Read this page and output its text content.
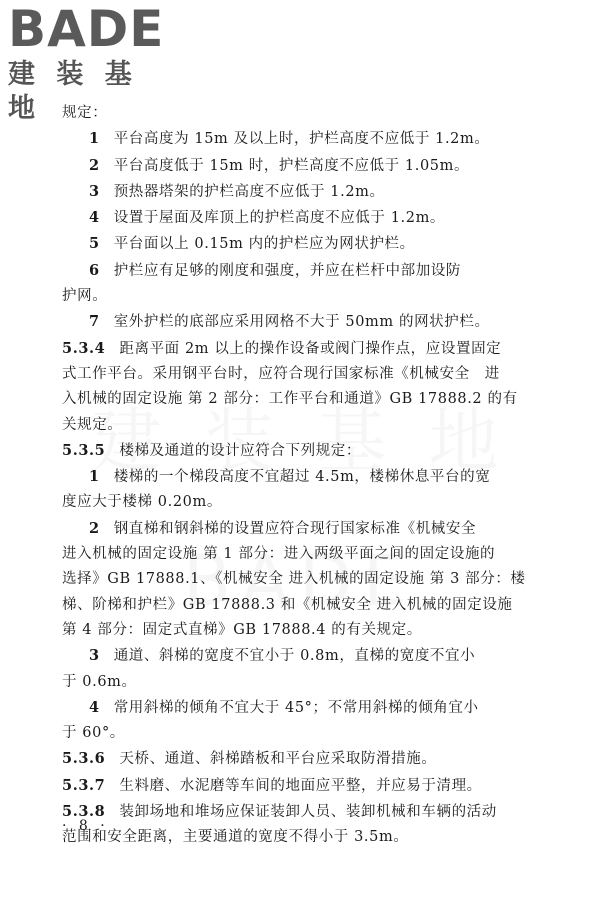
BADE
建 装 基 地	规定：
1 平台高度为 15m 及以上时，护栏高度不应低于 1.2m。
2 平台高度低于 15m 时，护栏高度不应低于 1.05m。
3 预热器塔架的护栏高度不应低于 1.2m。
4 设置于屋面及库顶上的护栏高度不应低于 1.2m。
5 平台面以上 0.15m 内的护栏应为网状护栏。
6 护栏应有足够的刚度和强度，并应在栏杆中部加设防
护网。
7 室外护栏的底部应采用网格不大于 50mm 的网状护栏。
5.3.4 距离平面 2m 以上的操作设备或阀门操作点，应设置固定
式工作平台。采用钢平台时，应符合现行国家标准《机械安全　进
入机械的固定设施 第 2 部分：工作平台和通道》GB 17888.2 的有
关规定。
5.3.5 楼梯及通道的设计应符合下列规定：
1 楼梯的一个梯段高度不宜超过 4.5m，楼梯休息平台的宽
度应大于楼梯 0.20m。
2 钢直梯和钢斜梯的设置应符合现行国家标准《机械安全
进入机械的固定设施 第 1 部分：进入两级平面之间的固定设施的
选择》GB 17888.1、《机械安全 进入机械的固定设施 第 3 部分：楼
梯、阶梯和护栏》GB 17888.3 和《机械安全 进入机械的固定设施
第 4 部分：固定式直梯》GB 17888.4 的有关规定。
3 通道、斜梯的宽度不宜小于 0.8m，直梯的宽度不宜小
于 0.6m。
4 常用斜梯的倾角不宜大于 45°；不常用斜梯的倾角宜小
于 60°。
5.3.6 天桥、通道、斜梯踏板和平台应采取防滑措施。
5.3.7 生料磨、水泥磨等车间的地面应平整，并应易于清理。
5.3.8 装卸场地和堆场应保证装卸人员、装卸机械和车辆的活动
范围和安全距离，主要通道的宽度不得小于 3.5m。
· 8 ·
